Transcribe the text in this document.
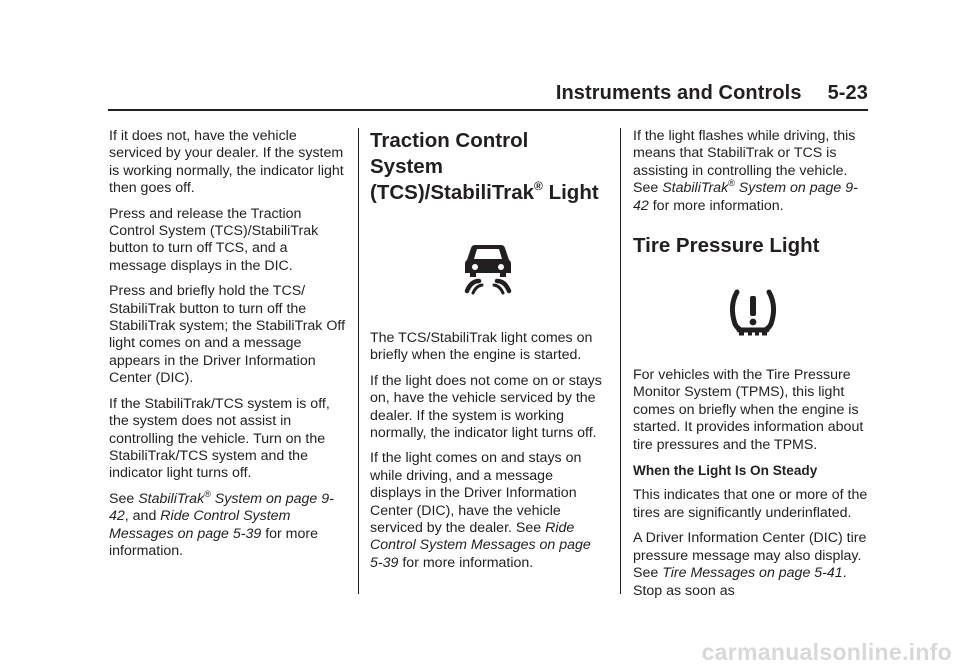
Instruments and Controls 5-23

If it does not, have the vehicle serviced by your dealer. If the system is working normally, the indicator light then goes off.

Press and release the Traction Control System (TCS)/StabiliTrak button to turn off TCS, and a message displays in the DIC.

Press and briefly hold the TCS/ StabiliTrak button to turn off the StabiliTrak system; the StabiliTrak Off light comes on and a message appears in the Driver Information Center (DIC).

If the StabiliTrak/TCS system is off, the system does not assist in controlling the vehicle. Turn on the StabiliTrak/TCS system and the indicator light turns off.

See StabiliTrak® System on page 9-42, and Ride Control System Messages on page 5-39 for more information.

Traction Control System (TCS)/StabiliTrak® Light

The TCS/StabiliTrak light comes on briefly when the engine is started.

If the light does not come on or stays on, have the vehicle serviced by the dealer. If the system is working normally, the indicator light turns off.

If the light comes on and stays on while driving, and a message displays in the Driver Information Center (DIC), have the vehicle serviced by the dealer. See Ride Control System Messages on page 5-39 for more information.

If the light flashes while driving, this means that StabiliTrak or TCS is assisting in controlling the vehicle. See StabiliTrak® System on page 9-42 for more information.

Tire Pressure Light

For vehicles with the Tire Pressure Monitor System (TPMS), this light comes on briefly when the engine is started. It provides information about tire pressures and the TPMS.

When the Light Is On Steady

This indicates that one or more of the tires are significantly underinflated.

A Driver Information Center (DIC) tire pressure message may also display. See Tire Messages on page 5-41. Stop as soon as

carmanualsonline.info
